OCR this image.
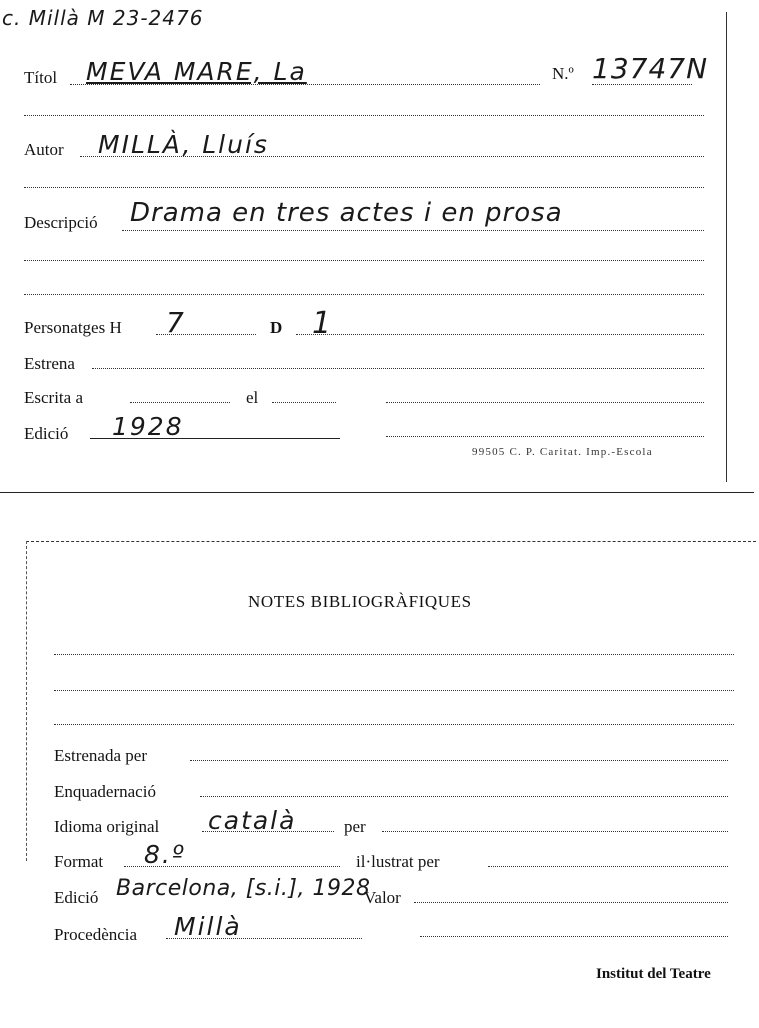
c. Millà M 23-2476
Títol MEVA MARE, La	N.º 13747N
Autor MILLÀ, Lluís
Descripció Drama en tres actes i en prosa
Personatges H 7	D 1
Estrena
Escrita a	el
Edició 1928
99505 C. P. Caritat. Imp.-Escola
NOTES BIBLIOGRÀFIQUES
Estrenada per
Enquadernació
Idioma original català	per
Format 8.º	il·lustrat per
Edició Barcelona, [s.i.], 1928
Valor
Procedència Millà
Institut del Teatre
